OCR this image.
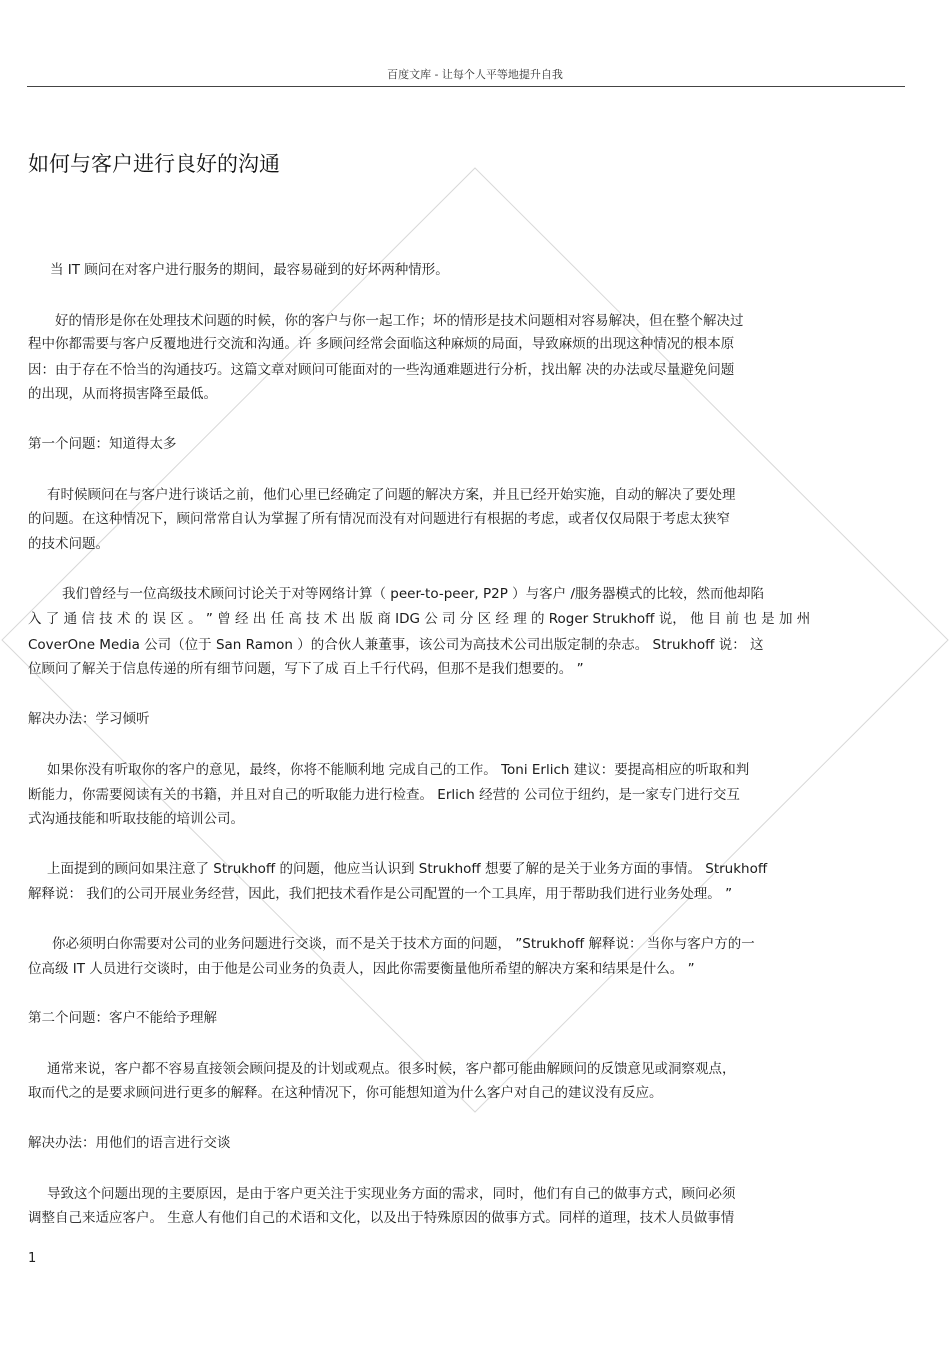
百度文库 - 让每个人平等地提升自我
如何与客户进行良好的沟通

当 IT 顾问在对客户进行服务的期间，最容易碰到的好坏两种情形。

好的情形是你在处理技术问题的时候，你的客户与你一起工作；坏的情形是技术问题相对容易解决，但在整个解决过

程中你都需要与客户反覆地进行交流和沟通。许 多顾问经常会面临这种麻烦的局面，导致麻烦的出现这种情况的根本原

因：由于存在不恰当的沟通技巧。这篇文章对顾问可能面对的一些沟通难题进行分析，找出解 决的办法或尽量避免问题

的出现，从而将损害降至最低。

第一个问题：知道得太多

有时候顾问在与客户进行谈话之前，他们心里已经确定了问题的解决方案，并且已经开始实施，自动的解决了要处理

的问题。在这种情况下，顾问常常自认为掌握了所有情况而没有对问题进行有根据的考虑，或者仅仅局限于考虑太狭窄

的技术问题。

我们曾经与一位高级技术顾问讨论关于对等网络计算（ peer-to-peer, P2P ）与客户 /服务器模式的比较，然而他却陷

入 了 通 信 技 术 的 误 区 。 ” 曾 经 出 任 高 技 术 出 版 商 IDG 公 司 分 区 经 理 的 Roger Strukhoff 说， 他 目 前 也 是 加 州

CoverOne Media 公司（位于 San Ramon ）的合伙人兼董事，该公司为高技术公司出版定制的杂志。 Strukhoff 说： 这

位顾问了解关于信息传递的所有细节问题，写下了成 百上千行代码，但那不是我们想要的。 ”

解决办法：学习倾听

如果你没有听取你的客户的意见，最终，你将不能顺利地 完成自己的工作。 Toni Erlich 建议：要提高相应的听取和判

断能力，你需要阅读有关的书籍，并且对自己的听取能力进行检查。 Erlich 经营的 公司位于纽约，是一家专门进行交互

式沟通技能和听取技能的培训公司。

上面提到的顾问如果注意了 Strukhoff 的问题，他应当认识到 Strukhoff 想要了解的是关于业务方面的事情。 Strukhoff

解释说： 我们的公司开展业务经营，因此，我们把技术看作是公司配置的一个工具库，用于帮助我们进行业务处理。 ”

你必须明白你需要对公司的业务问题进行交谈，而不是关于技术方面的问题， ”Strukhoff 解释说： 当你与客户方的一

位高级 IT 人员进行交谈时，由于他是公司业务的负责人，因此你需要衡量他所希望的解决方案和结果是什么。 ”

第二个问题：客户不能给予理解

通常来说，客户都不容易直接领会顾问提及的计划或观点。很多时候，客户都可能曲解顾问的反馈意见或洞察观点，

取而代之的是要求顾问进行更多的解释。在这种情况下，你可能想知道为什么客户对自己的建议没有反应。

解决办法：用他们的语言进行交谈

导致这个问题出现的主要原因，是由于客户更关注于实现业务方面的需求，同时，他们有自己的做事方式，顾问必须

调整自己来适应客户。 生意人有他们自己的术语和文化，以及出于特殊原因的做事方式。同样的道理，技术人员做事情

1
